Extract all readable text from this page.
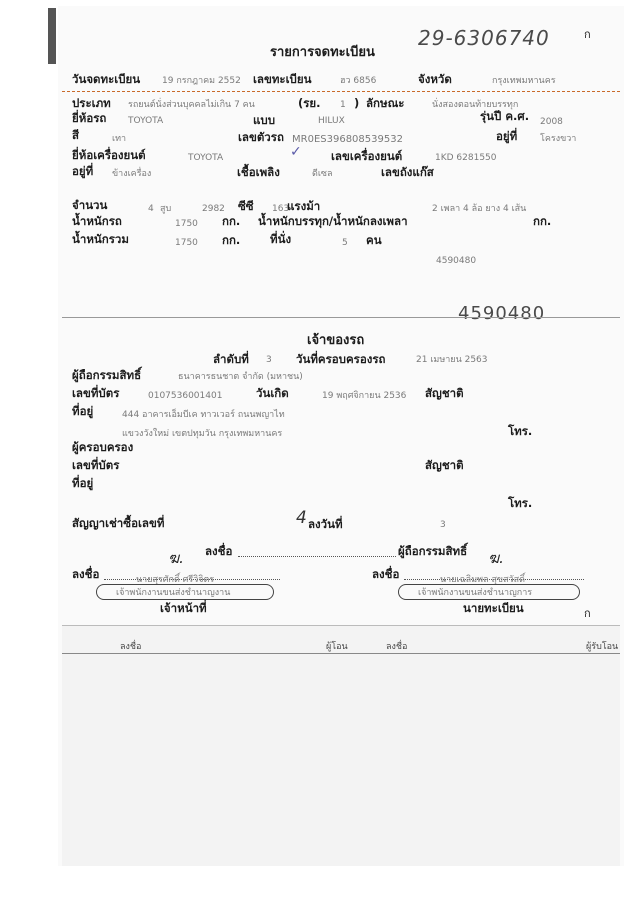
29-6306740	ก
รายการจดทะเบียน
วันจดทะเบียน 19 กรกฎาคม 2552 เลขทะเบียน	ฮว 6856	จังหวัด	กรุงเทพมหานคร
ประเภท รถยนต์นั่งส่วนบุคคลไม่เกิน 7 คน	(รย. 1 ) ลักษณะ	นั่งสองตอนท้ายบรรทุก
ยี่ห้อรถ TOYOTA	แบบ	HILUX	รุ่นปี ค.ศ. 2008
สี	เทา	เลขตัวรถ MR0ES396808539532	อยู่ที่	โครงขวา
ยี่ห้อเครื่องยนต์	TOYOTA	✓	เลขเครื่องยนต์	1KD 6281550
อยู่ที่ ข้างเครื่อง	เชื้อเพลิง	ดีเซล	เลขถังแก๊ส
จำนวน	4 สูบ	2982 ซีซี 163
แรงม้า	2 เพลา 4 ล้อ ยาง 4 เส้น
น้ำหนักรถ	1750 กก. น้ำหนักบรรทุก/น้ำหนักลงเพลา	กก.
น้ำหนักรวม	1750 กก.	ที่นั่ง	5 คน
4590480
4590480
เจ้าของรถ
ลำดับที่ 3 วันที่ครอบครองรถ	21 เมษายน 2563
ผู้ถือกรรมสิทธิ์	ธนาคารธนชาต จำกัด (มหาชน)
เลขที่บัตร	0107536001401	วันเกิด	19 พฤศจิกายน 2536 สัญชาติ
ที่อยู่	444 อาคารเอ็มบีเค ทาวเวอร์ ถนนพญาไท
แขวงวังใหม่ เขตปทุมวัน กรุงเทพมหานคร	โทร.
ผู้ครอบครอง
เลขที่บัตร	สัญชาติ
ที่อยู่
โทร.
สัญญาเช่าซื้อเลขที่	4 ลงวันที่	3
ลงชื่อ	ผู้ถือกรรมสิทธิ์
ฆ.
ลงชื่อ	นายสุรศักดิ์ ศรีวิจิตร
เจ้าพนักงานขนส่งชำนาญงาน
เจ้าหน้าที่
ฆ.
ลงชื่อ	นายเฉลิมพล สุขสวัสดิ์
เจ้าพนักงานขนส่งชำนาญการ
นายทะเบียน	ก
ลงชื่อ	ผู้โอน	ลงชื่อ	ผู้รับโอน
